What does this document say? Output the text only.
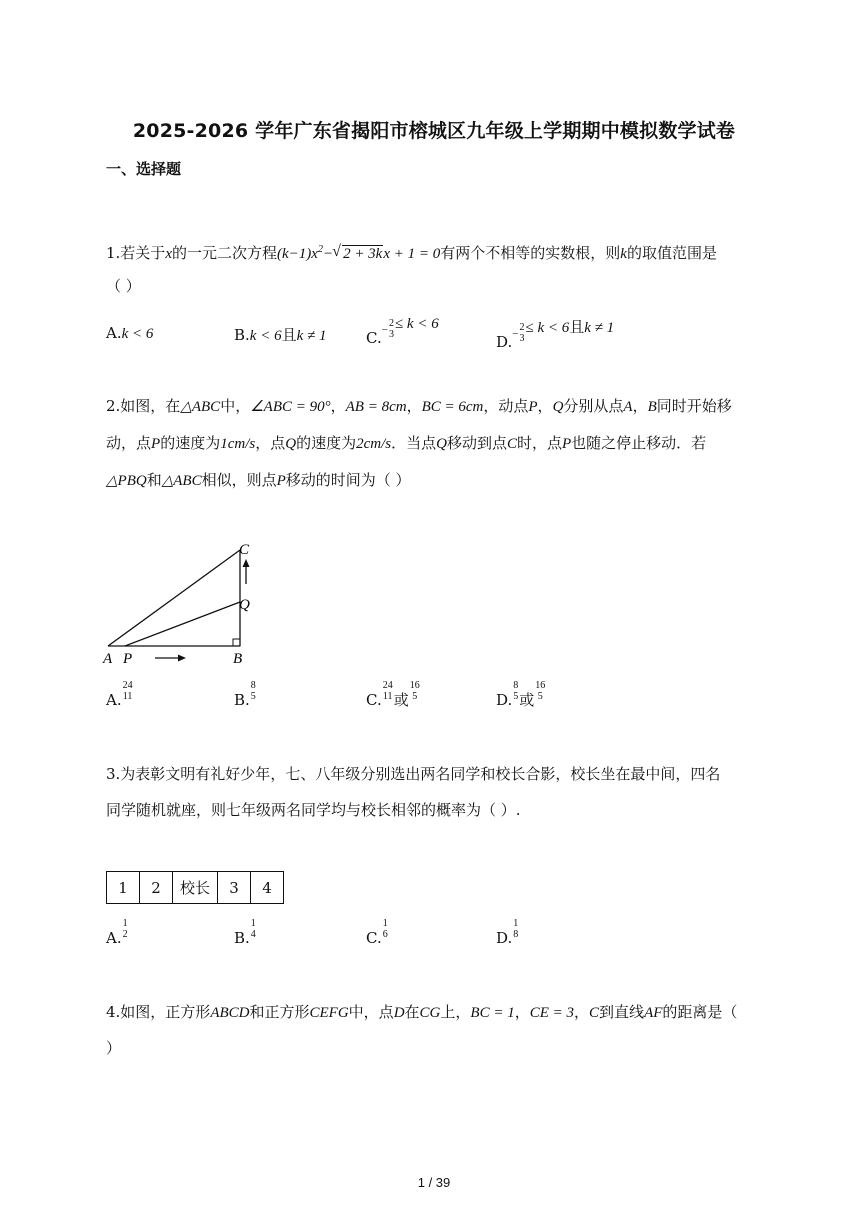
2025-2026 学年广东省揭阳市榕城区九年级上学期期中模拟数学试卷
一、选择题
1.若关于x的一元二次方程$(k-1)x^2-√$ 2 + 3kx + 1 = 0有两个不相等的实数根，则k的取值范围是
（ ）
A.k < 6	B.k < 6且k ≠ 1	C.−
2
3
≤ k < 6
D.−
2
3
≤ k < 6且k ≠ 1
2.如图，在△ABC中，∠ABC = 90°，AB = 8cm，BC = 6cm，动点P，Q分别从点A，B同时开始移
动，点P的速度为1cm/s，点Q的速度为2cm/s．当点Q移动到点C时，点P也随之停止移动．若
△PBQ和△ABC相似，则点P移动的时间为（ ）
A P	B
Q
C
A.
24
11	B.
8
5	C.
24
11 或
16
5	D.
8
5 或
16
5
3.为表彰文明有礼好少年，七、八年级分别选出两名同学和校长合影，校长坐在最中间，四名
同学随机就座，则七年级两名同学均与校长相邻的概率为（ ）.
1	2	校长	3	4
A.
1
2	B.
1
4	C.
1
6	D.
1
8
4.如图，正方形ABCD和正方形CEFG中，点D在CG上，BC = 1，CE = 3，C到直线AF的距离是（
）
1 / 39
